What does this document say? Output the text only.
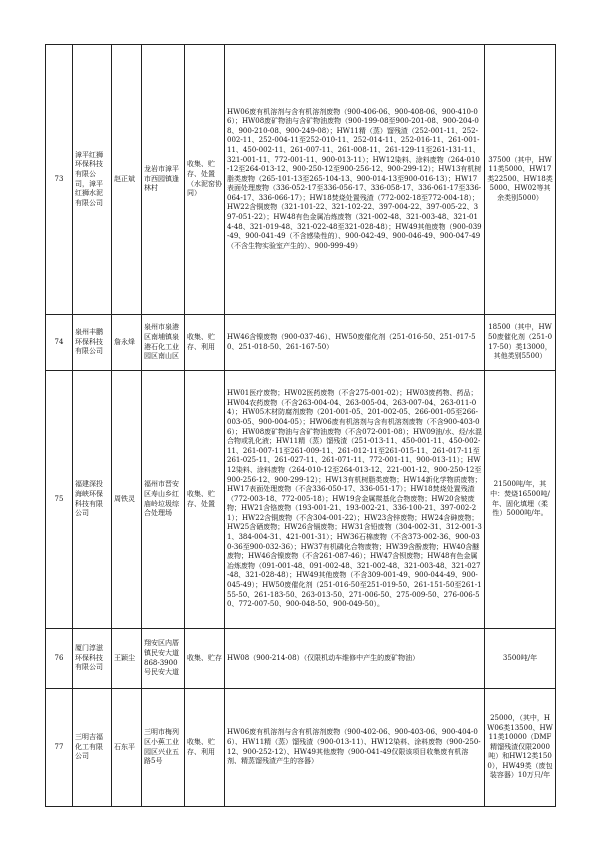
73	漳平红狮环保科技有限公司，漳平红狮水泥有限公司	赵正斌	龙岩市漳平市西园镇逢林村	收集、贮存、处置（水泥窑协同）	HW06废有机溶剂与含有机溶剂废物（900-406-06、900-408-06、900-410-06）；HW08废矿物油与含矿物油废物（900-199-08至900-201-08、900-204-08、900-210-08、900-249-08）；HW11精（蒸）馏残渣（252-001-11、252-002-11、252-004-11至252-010-11、252-014-11、252-016-11、261-001-11、450-002-11、261-007-11、261-008-11、261-129-11至261-131-11、321-001-11、772-001-11、900-013-11）；HW12染料、涂料废物（264-010-12至264-013-12、900-250-12至900-256-12、900-299-12）；HW13有机树脂类废物（265-101-13至265-104-13、900-014-13至900-016-13）；HW17表面处理废物（336-052-17至336-056-17、336-058-17、336-061-17至336-064-17、336-066-17）；HW18焚烧处置残渣（772-002-18至772-004-18）；HW22含铜废物（321-101-22、321-102-22、397-004-22、397-005-22、397-051-22）；HW48有色金属冶炼废物（321-002-48、321-003-48、321-014-48、321-019-48、321-022-48至321-028-48）；HW49其他废物（900-039-49、900-041-49（不含感染性的）、900-042-49、900-046-49、900-047-49（不含生物实验室产生的）、900-999-49）	37500（其中，HW11类5000、HW17类22500、HW18类5000、HW02等其余类别5000）
74	泉州丰鹏环保科技有限公司	詹永烽	泉州市泉港区南埔镇泉港石化工业园区南山区	收集、贮存、利用	HW46含镍废物（900-037-46）、HW50废催化剂（251-016-50、251-017-50、251-018-50、261-167-50）	18500（其中，HW50废催化剂（251-017-50）类13000，其他类别5500）
75	福建深投海峡环保科技有限公司	周铁灵	福州市晋安区寿山乡红庙岭垃圾综合处理场	收集、贮存、处置	HW01医疗废物；HW02医药废物（不含275-001-02）；HW03废药物、药品；HW04农药废物（不含263-004-04、263-005-04、263-007-04、263-011-04）；HW05木材防腐剂废物（201-001-05、201-002-05、266-001-05至266-003-05、900-004-05）；HW06废有机溶剂与含有机溶剂废物（不含900-403-06）；HW08废矿物油与含矿物油废物（不含072-001-08）；HW09油/水、烃/水混合物或乳化液；HW11精（蒸）馏残渣（251-013-11、450-001-11、450-002-11、261-007-11至261-009-11、261-012-11至261-015-11、261-017-11至261-025-11、261-027-11、261-071-11、772-001-11、900-013-11）；HW12染料、涂料废物（264-010-12至264-013-12、221-001-12、900-250-12至900-256-12、900-299-12）；HW13有机树脂类废物；HW14新化学物质废物；HW17表面处理废物（不含336-050-17、336-051-17）；HW18焚烧处置残渣（772-003-18、772-005-18）；HW19含金属羰基化合物废物；HW20含铍废物；HW21含铬废物（193-001-21、193-002-21、336-100-21、397-002-21）；HW22含铜废物（不含304-001-22）；HW23含锌废物；HW24含砷废物；HW25含硒废物；HW26含镉废物；HW31含铅废物（304-002-31、312-001-31、384-004-31、421-001-31）；HW36石棉废物（不含373-002-36、900-030-36至900-032-36）；HW37有机磷化合物废物；HW39含酚废物；HW40含醚废物；HW46含镍废物（不含261-087-46）；HW47含钡废物；HW48有色金属冶炼废物（091-001-48、091-002-48、321-002-48、321-003-48、321-027-48、321-028-48）；HW49其他废物（不含309-001-49、900-044-49、900-045-49）；HW50废催化剂（251-016-50至251-019-50、261-151-50至261-155-50、261-183-50、263-013-50、271-006-50、275-009-50、276-006-50、772-007-50、900-048-50、900-049-50）。	21500吨/年，其中：焚烧16500吨/年、固化填埋（柔性）5000吨/年。
76	厦门淳滋环保科技有限公司	王颖尘	翔安区内厝镇民安大道868-3900号民安大道	收集、贮存	HW08（900-214-08）（仅限机动车维修中产生的废矿物油）	3500吨/年
77	三明吉福化工有限公司	石东平	三明市梅列区小蕉工业园区兴业五路5号	收集、贮存、利用	HW06废有机溶剂与含有机溶剂废物（900-402-06、900-403-06、900-404-06）、HW11精（蒸）馏残渣（900-013-11）、HW12染料、涂料废物（900-250-12、900-252-12）、HW49其他废物（900-041-49仅限该项目收集废有机溶剂、精蒸馏残渣产生的容器）	25000，（其中，HW06类13500、HW11类10000（DMF精馏残渣仅限2000吨）和HW12类1500），HW49类（废包装容器）10万只/年
